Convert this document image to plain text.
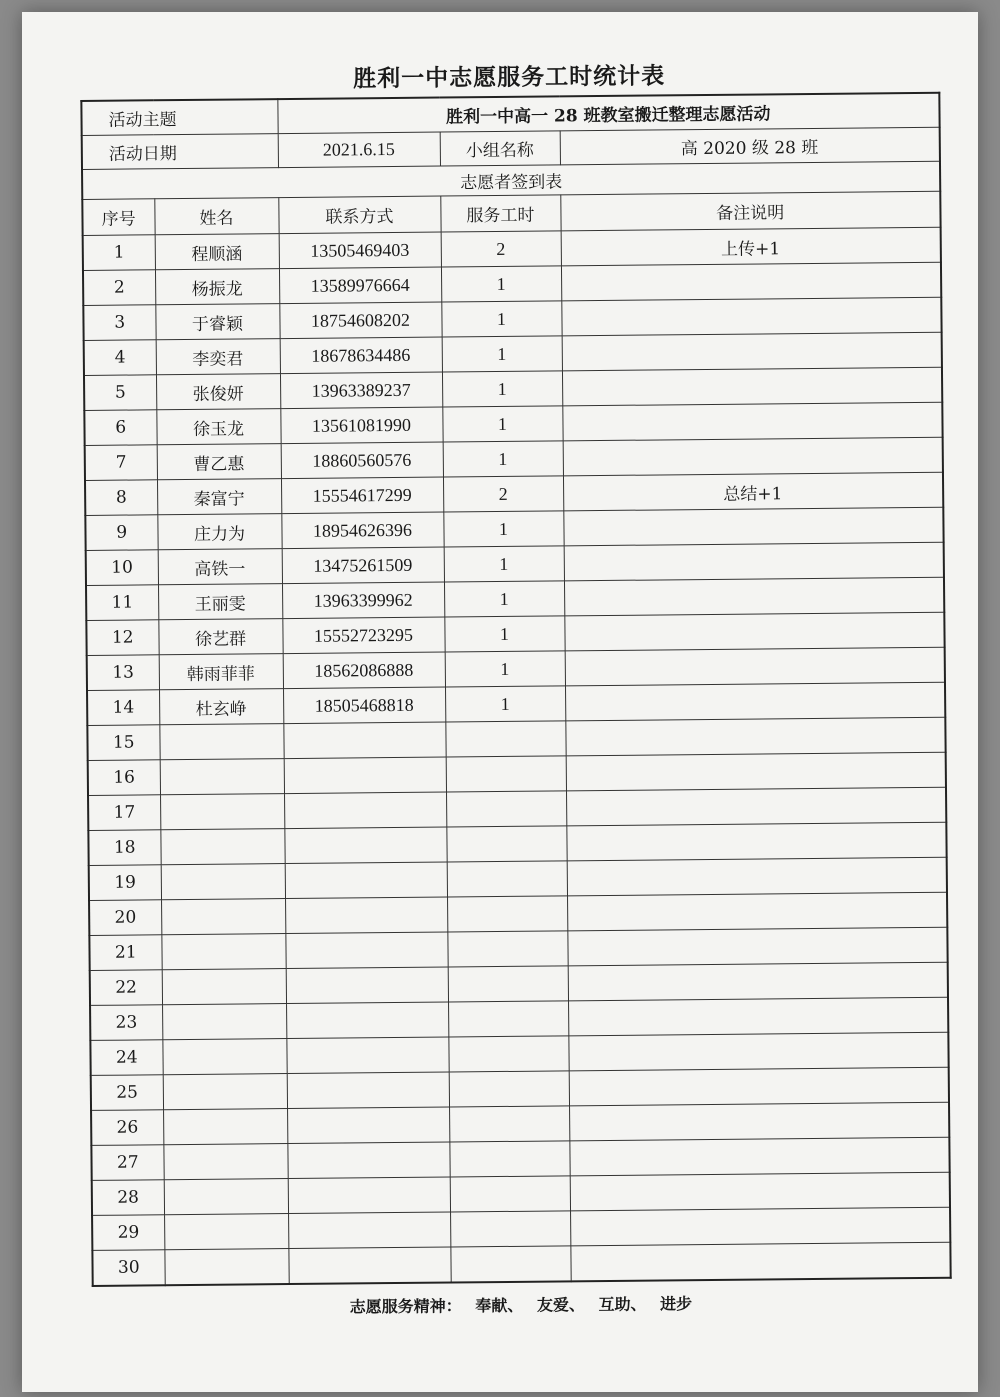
胜利一中志愿服务工时统计表
活动主题		胜利一中高一 28 班教室搬迁整理志愿活动		
活动日期		2021.6.15	小组名称	高 2020 级 28 班
志愿者签到表				
序号	姓名	联系方式	服务工时	备注说明
1	程顺涵	13505469403	2	上传+1
2	杨振龙	13589976664	1	
3	于睿颖	18754608202	1	
4	李奕君	18678634486	1	
5	张俊妍	13963389237	1	
6	徐玉龙	13561081990	1	
7	曹乙惠	18860560576	1	
8	秦富宁	15554617299	2	总结+1
9	庄力为	18954626396	1	
10	高铁一	13475261509	1	
11	王丽雯	13963399962	1	
12	徐艺群	15552723295	1	
13	韩雨菲菲	18562086888	1	
14	杜玄峥	18505468818	1	
15				
16				
17				
18				
19				
20				
21				
22				
23				
24				
25				
26				
27				
28				
29				
30				
志愿服务精神： 奉献、 友爱、 互助、 进步
